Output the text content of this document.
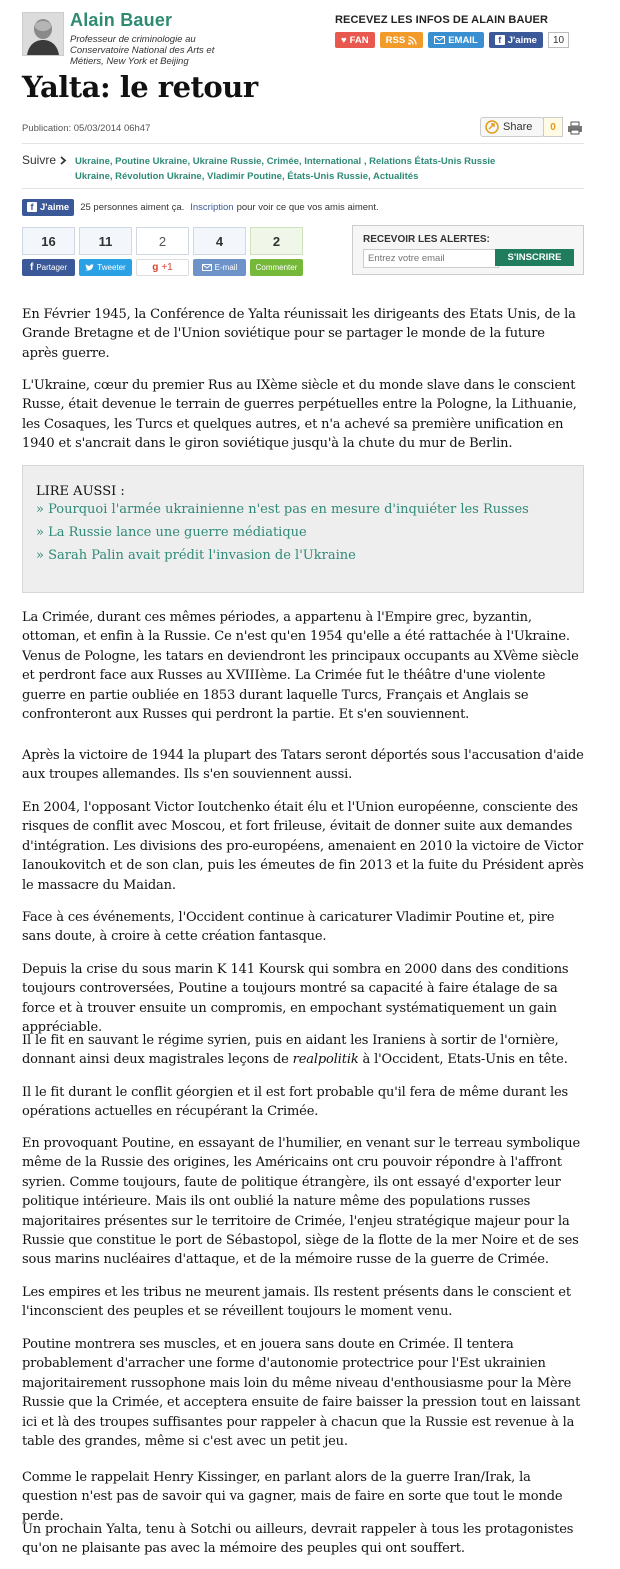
Alain Bauer
Professeur de criminologie au Conservatoire National des Arts et Métiers, New York et Beijing
RECEVEZ LES INFOS DE ALAIN BAUER
♥ FAN RSS	EMAIL	f J'aime	10
Yalta: le retour
Publication: 05/03/2014 06h47	Share	0
Suivre Ukraine, Poutine Ukraine, Ukraine Russie, Crimée, International , Relations États-Unis Russie
Ukraine, Révolution Ukraine, Vladimir Poutine, États-Unis Russie, Actualités
f J'aime 25 personnes aiment ça. Inscription pour voir ce que vos amis aiment.
16
f Partager
11
Tweeter
2
g +1
4
E-mail
2
Commenter
RECEVOIR LES ALERTES:
Entrez votre email
S'INSCRIRE
En Février 1945, la Conférence de Yalta réunissait les dirigeants des Etats Unis, de la Grande Bretagne et de l'Union soviétique pour se partager le monde de la future après guerre.
L'Ukraine, cœur du premier Rus au IXème siècle et du monde slave dans le conscient Russe, était devenue le terrain de guerres perpétuelles entre la Pologne, la Lithuanie, les Cosaques, les Turcs et quelques autres, et n'a achevé sa première unification en 1940 et s'ancrait dans le giron soviétique jusqu'à la chute du mur de Berlin.
LIRE AUSSI :
» Pourquoi l'armée ukrainienne n'est pas en mesure d'inquiéter les Russes
» La Russie lance une guerre médiatique
» Sarah Palin avait prédit l'invasion de l'Ukraine
La Crimée, durant ces mêmes périodes, a appartenu à l'Empire grec, byzantin, ottoman, et enfin à la Russie. Ce n'est qu'en 1954 qu'elle a été rattachée à l'Ukraine. Venus de Pologne, les tatars en deviendront les principaux occupants au XVème siècle et perdront face aux Russes au XVIIIème. La Crimée fut le théâtre d'une violente guerre en partie oubliée en 1853 durant laquelle Turcs, Français et Anglais se confronteront aux Russes qui perdront la partie. Et s'en souviennent.
Après la victoire de 1944 la plupart des Tatars seront déportés sous l'accusation d'aide aux troupes allemandes. Ils s'en souviennent aussi.
En 2004, l'opposant Victor Ioutchenko était élu et l'Union européenne, consciente des risques de conflit avec Moscou, et fort frileuse, évitait de donner suite aux demandes d'intégration. Les divisions des pro-européens, amenaient en 2010 la victoire de Victor Ianoukovitch et de son clan, puis les émeutes de fin 2013 et la fuite du Président après le massacre du Maidan.
Face à ces événements, l'Occident continue à caricaturer Vladimir Poutine et, pire sans doute, à croire à cette création fantasque.
Depuis la crise du sous marin K 141 Koursk qui sombra en 2000 dans des conditions toujours controversées, Poutine a toujours montré sa capacité à faire étalage de sa force et à trouver ensuite un compromis, en empochant systématiquement un gain appréciable.
Il le fit en sauvant le régime syrien, puis en aidant les Iraniens à sortir de l'ornière, donnant ainsi deux magistrales leçons de realpolitik à l'Occident, Etats-Unis en tête.
Il le fit durant le conflit géorgien et il est fort probable qu'il fera de même durant les opérations actuelles en récupérant la Crimée.
En provoquant Poutine, en essayant de l'humilier, en venant sur le terreau symbolique même de la Russie des origines, les Américains ont cru pouvoir répondre à l'affront syrien. Comme toujours, faute de politique étrangère, ils ont essayé d'exporter leur politique intérieure. Mais ils ont oublié la nature même des populations russes majoritaires présentes sur le territoire de Crimée, l'enjeu stratégique majeur pour la Russie que constitue le port de Sébastopol, siège de la flotte de la mer Noire et de ses sous marins nucléaires d'attaque, et de la mémoire russe de la guerre de Crimée.
Les empires et les tribus ne meurent jamais. Ils restent présents dans le conscient et l'inconscient des peuples et se réveillent toujours le moment venu.
Poutine montrera ses muscles, et en jouera sans doute en Crimée. Il tentera probablement d'arracher une forme d'autonomie protectrice pour l'Est ukrainien majoritairement russophone mais loin du même niveau d'enthousiasme pour la Mère Russie que la Crimée, et acceptera ensuite de faire baisser la pression tout en laissant ici et là des troupes suffisantes pour rappeler à chacun que la Russie est revenue à la table des grandes, même si c'est avec un petit jeu.
Comme le rappelait Henry Kissinger, en parlant alors de la guerre Iran/Irak, la question n'est pas de savoir qui va gagner, mais de faire en sorte que tout le monde perde.
Un prochain Yalta, tenu à Sotchi ou ailleurs, devrait rappeler à tous les protagonistes qu'on ne plaisante pas avec la mémoire des peuples qui ont souffert.
